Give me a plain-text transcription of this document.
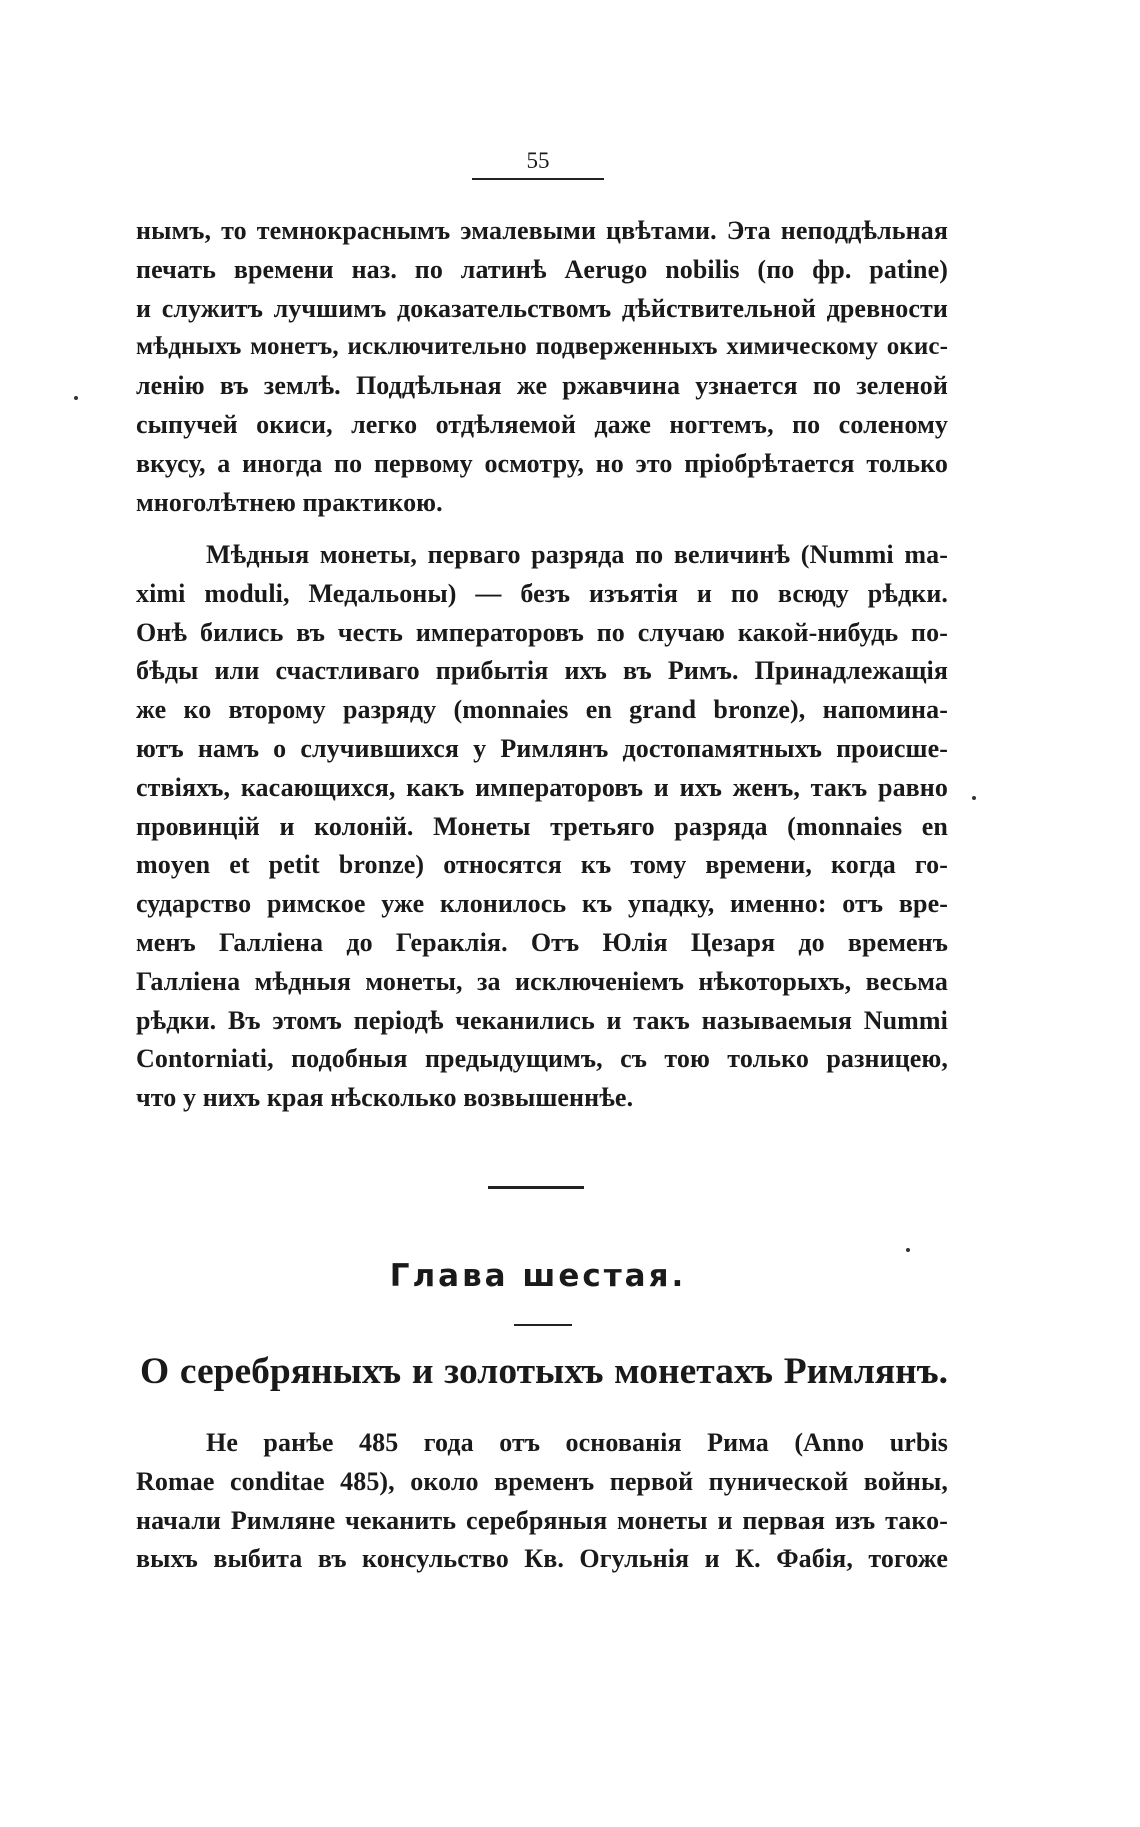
55
нымъ, то темнокраснымъ эмалевыми цвѣтами. Эта неподдѣльная
печать времени наз. по латинѣ Aerugo nobilis (по фр. patine)
и служитъ лучшимъ доказательствомъ дѣйствительной древности
мѣдныхъ монетъ, исключительно подверженныхъ химическому окис-
ленію въ землѣ. Поддѣльная же ржавчина узнается по зеленой
сыпучей окиси, легко отдѣляемой даже ногтемъ, по соленому
вкусу, а иногда по первому осмотру, но это пріобрѣтается только
многолѣтнею практикою.
Мѣдныя монеты, перваго разряда по величинѣ (Nummi ma-
ximi moduli, Медальоны) — безъ изъятія и по всюду рѣдки.
Онѣ бились въ честь императоровъ по случаю какой-нибудь по-
бѣды или счастливаго прибытія ихъ въ Римъ. Принадлежащія
же ко второму разряду (monnaies en grand bronze), напомина-
ютъ намъ о случившихся у Римлянъ достопамятныхъ происше-
ствіяхъ, касающихся, какъ императоровъ и ихъ женъ, такъ равно
провинцій и колоній. Монеты третьяго разряда (monnaies en
moyen et petit bronze) относятся къ тому времени, когда го-
сударство римское уже клонилось къ упадку, именно: отъ вре-
менъ Галліена до Гераклія. Отъ Юлія Цезаря до временъ
Галліена мѣдныя монеты, за исключеніемъ нѣкоторыхъ, весьма
рѣдки. Въ этомъ періодѣ чеканились и такъ называемыя Nummi
Contorniati, подобныя предыдущимъ, съ тою только разницею,
что у нихъ края нѣсколько возвышеннѣе.
Глава шестая.
О серебряныхъ и золотыхъ монетахъ Римлянъ.
Не ранѣе 485 года отъ основанія Рима (Anno urbis
Romae conditae 485), около временъ первой пунической войны,
начали Римляне чеканить серебряныя монеты и первая изъ тако-
выхъ выбита въ консульство Кв. Огульнія и К. Фабія, тогоже
